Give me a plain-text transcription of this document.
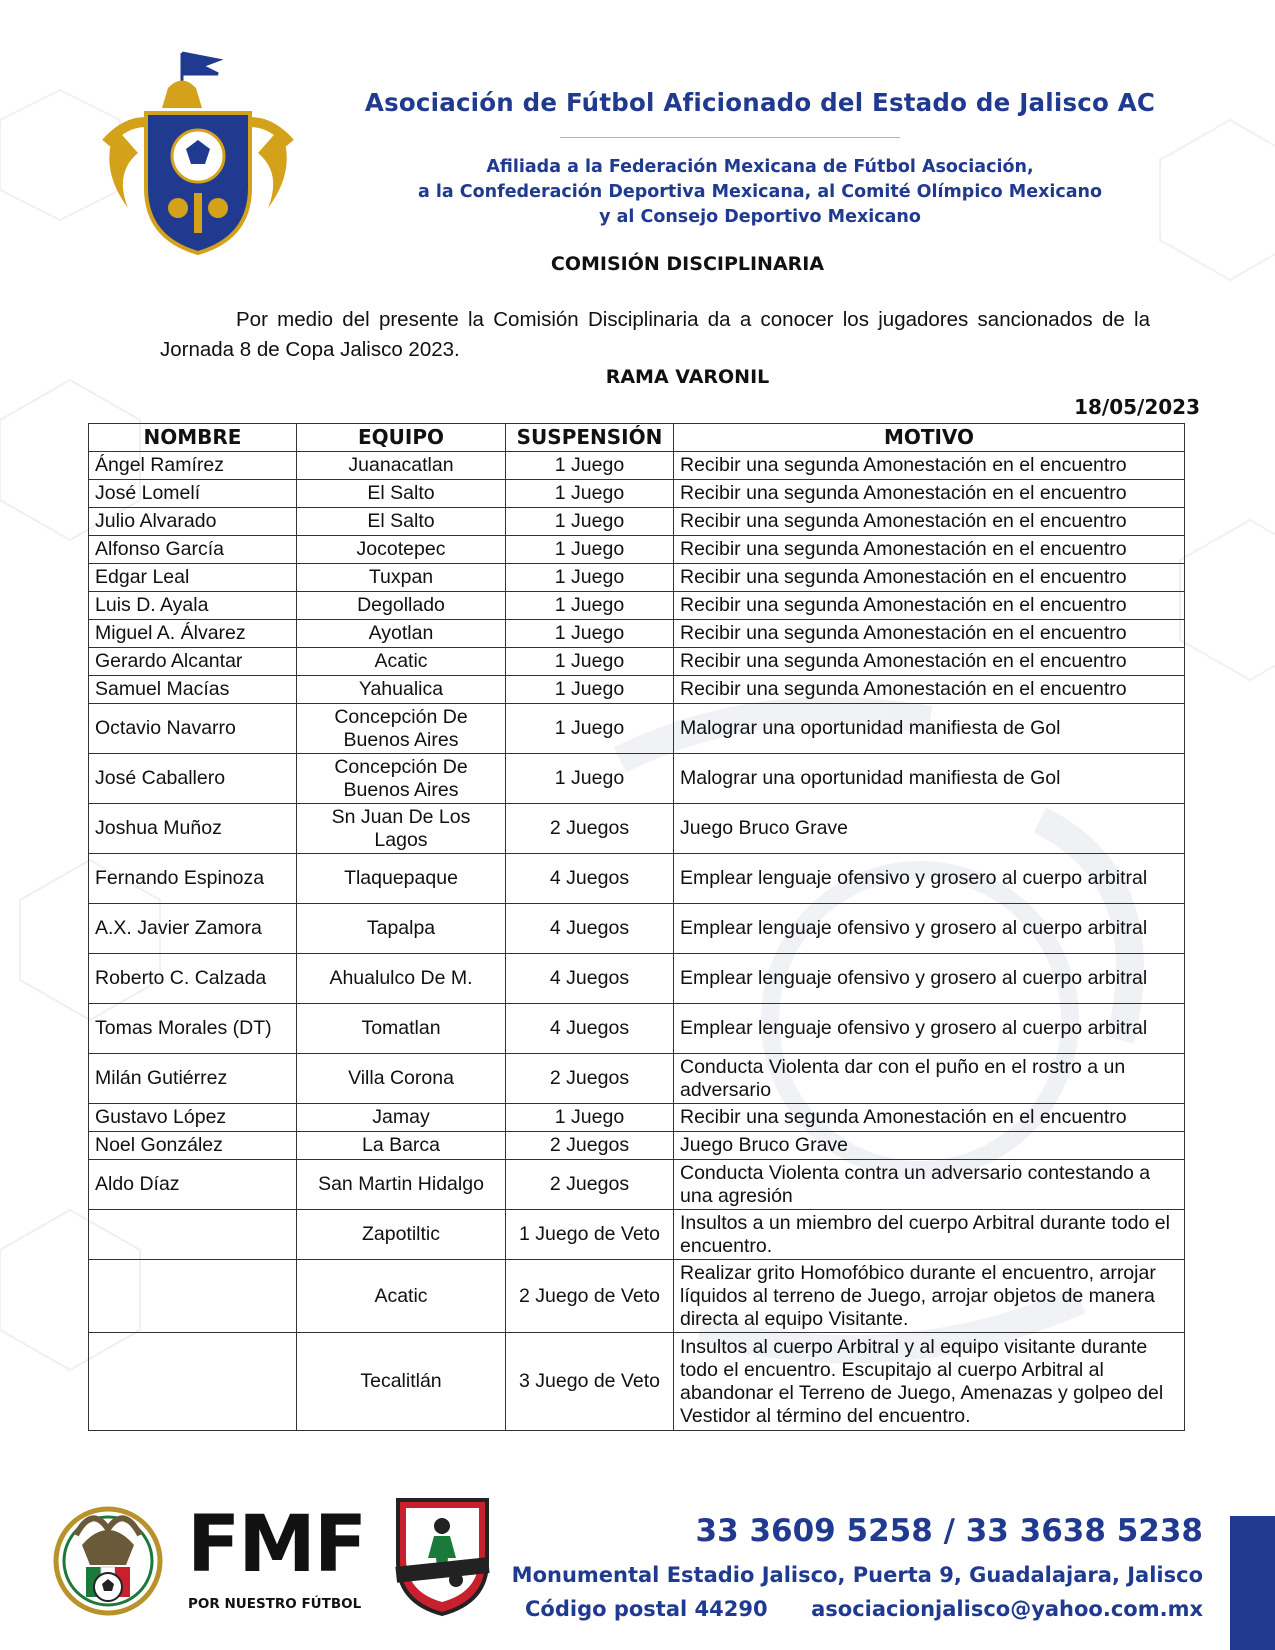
Asociación de Fútbol Aficionado del Estado de Jalisco AC
Afiliada a la Federación Mexicana de Fútbol Asociación,
a la Confederación Deportiva Mexicana, al Comité Olímpico Mexicano
y al Consejo Deportivo Mexicano
COMISIÓN DISCIPLINARIA
Por medio del presente la Comisión Disciplinaria da a conocer los jugadores sancionados de la Jornada 8 de Copa Jalisco 2023.
RAMA VARONIL
18/05/2023
NOMBRE	EQUIPO	SUSPENSIÓN	MOTIVO
Ángel Ramírez	Juanacatlan	1 Juego	Recibir una segunda Amonestación en el encuentro
José Lomelí	El Salto	1 Juego	Recibir una segunda Amonestación en el encuentro
Julio Alvarado	El Salto	1 Juego	Recibir una segunda Amonestación en el encuentro
Alfonso García	Jocotepec	1 Juego	Recibir una segunda Amonestación en el encuentro
Edgar Leal	Tuxpan	1 Juego	Recibir una segunda Amonestación en el encuentro
Luis D. Ayala	Degollado	1 Juego	Recibir una segunda Amonestación en el encuentro
Miguel A. Álvarez	Ayotlan	1 Juego	Recibir una segunda Amonestación en el encuentro
Gerardo Alcantar	Acatic	1 Juego	Recibir una segunda Amonestación en el encuentro
Samuel Macías	Yahualica	1 Juego	Recibir una segunda Amonestación en el encuentro
Octavio Navarro	Concepción De Buenos Aires	1 Juego	Malograr una oportunidad manifiesta de Gol
José Caballero	Concepción De Buenos Aires	1 Juego	Malograr una oportunidad manifiesta de Gol
Joshua Muñoz	Sn Juan De Los Lagos	2 Juegos	Juego Bruco Grave
Fernando Espinoza	Tlaquepaque	4 Juegos	Emplear lenguaje ofensivo y grosero al cuerpo arbitral
A.X. Javier Zamora	Tapalpa	4 Juegos	Emplear lenguaje ofensivo y grosero al cuerpo arbitral
Roberto C. Calzada	Ahualulco De M.	4 Juegos	Emplear lenguaje ofensivo y grosero al cuerpo arbitral
Tomas Morales (DT)	Tomatlan	4 Juegos	Emplear lenguaje ofensivo y grosero al cuerpo arbitral
Milán Gutiérrez	Villa Corona	2 Juegos	Conducta Violenta dar con el puño en el rostro a un adversario
Gustavo López	Jamay	1 Juego	Recibir una segunda Amonestación en el encuentro
Noel González	La Barca	2 Juegos	Juego Bruco Grave
Aldo Díaz	San Martin Hidalgo	2 Juegos	Conducta Violenta contra un adversario contestando a una agresión
	Zapotiltic	1 Juego de Veto	Insultos a un miembro del cuerpo Arbitral durante todo el encuentro.
	Acatic	2 Juego de Veto	Realizar grito Homofóbico durante el encuentro, arrojar líquidos al terreno de Juego, arrojar objetos de manera directa al equipo Visitante.
	Tecalitlán	3 Juego de Veto	Insultos al cuerpo Arbitral y al equipo visitante durante todo el encuentro. Escupitajo al cuerpo Arbitral al abandonar el Terreno de Juego, Amenazas y golpeo del Vestidor al término del encuentro.
FMF
POR NUESTRO FÚTBOL
33 3609 5258 / 33 3638 5238
Monumental Estadio Jalisco, Puerta 9, Guadalajara, Jalisco
Código postal 44290 asociacionjalisco@yahoo.com.mx
